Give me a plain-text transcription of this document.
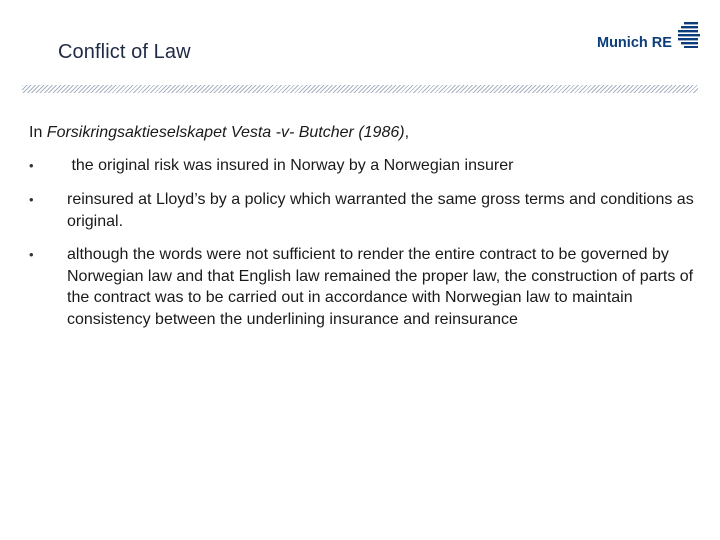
Conflict of Law	Munich RE
In Forsikringsaktieselskapet Vesta -v- Butcher (1986),
• the original risk was insured in Norway by a Norwegian insurer
• reinsured at Lloyd’s by a policy which warranted the same gross terms and conditions as original.
• although the words were not sufficient to render the entire contract to be governed by Norwegian law and that English law remained the proper law, the construction of parts of the contract was to be carried out in accordance with Norwegian law to maintain consistency between the underlining insurance and reinsurance
